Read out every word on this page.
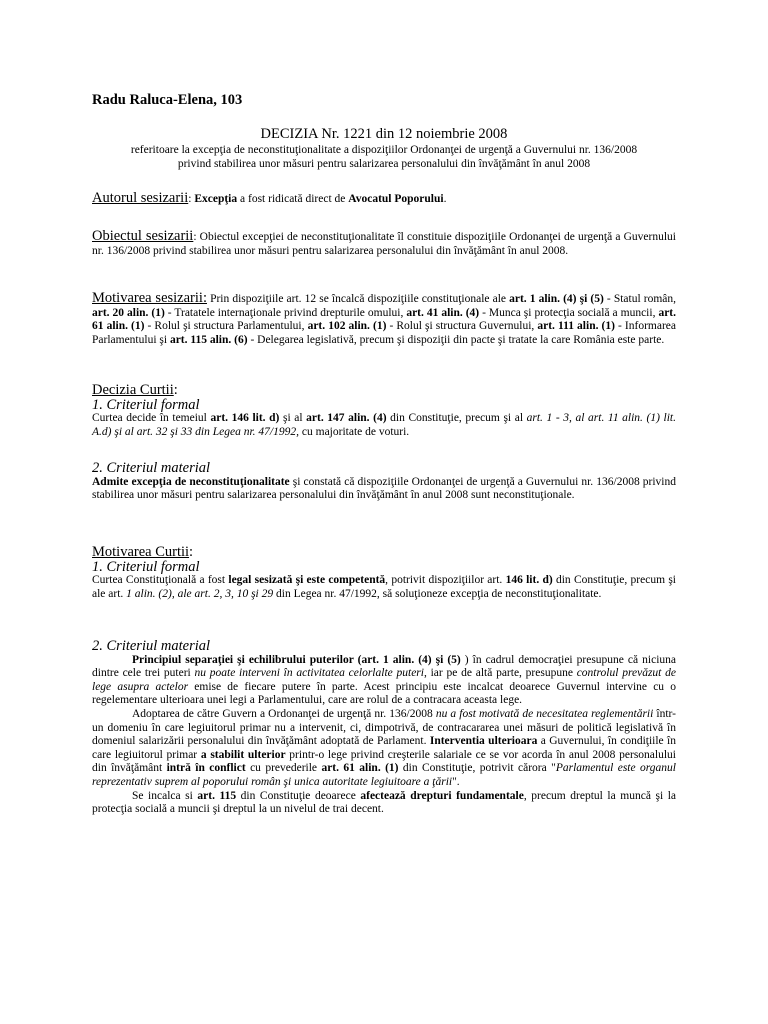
Radu Raluca-Elena, 103
DECIZIA Nr. 1221 din 12 noiembrie 2008
referitoare la excepţia de neconstituţionalitate a dispoziţiilor Ordonanţei de urgenţă a Guvernului nr. 136/2008
privind stabilirea unor măsuri pentru salarizarea personalului din învăţământ în anul 2008

Autorul sesizarii: Excepţia a fost ridicată direct de Avocatul Poporului.

Obiectul sesizarii: Obiectul excepţiei de neconstituţionalitate îl constituie dispoziţiile Ordonanţei de urgenţă a Guvernului nr. 136/2008 privind stabilirea unor măsuri pentru salarizarea personalului din învăţământ în anul 2008.

Motivarea sesizarii: Prin dispoziţiile art. 12 se încalcă dispoziţiile constituţionale ale art. 1 alin. (4) şi (5) - Statul român, art. 20 alin. (1) - Tratatele internaţionale privind drepturile omului, art. 41 alin. (4) - Munca şi protecţia socială a muncii, art. 61 alin. (1) - Rolul şi structura Parlamentului, art. 102 alin. (1) - Rolul şi structura Guvernului, art. 111 alin. (1) - Informarea Parlamentului şi art. 115 alin. (6) - Delegarea legislativă, precum şi dispoziţii din pacte şi tratate la care România este parte.

Decizia Curtii:

1. Criteriul formal

Curtea decide în temeiul art. 146 lit. d) şi al art. 147 alin. (4) din Constituţie, precum şi al art. 1 - 3, al art. 11 alin. (1) lit. A.d) şi al art. 32 şi 33 din Legea nr. 47/1992, cu majoritate de voturi.

2. Criteriul material

Admite excepţia de neconstituţionalitate şi constată că dispoziţiile Ordonanţei de urgenţă a Guvernului nr. 136/2008 privind stabilirea unor măsuri pentru salarizarea personalului din învăţământ în anul 2008 sunt neconstituţionale.

Motivarea Curtii:

1. Criteriul formal

Curtea Constituţională a fost legal sesizată şi este competentă, potrivit dispoziţiilor art. 146 lit. d) din Constituţie, precum şi ale art. 1 alin. (2), ale art. 2, 3, 10 şi 29 din Legea nr. 47/1992, să soluţioneze excepţia de neconstituţionalitate.

2. Criteriul material

Principiul separaţiei şi echilibrului puterilor (art. 1 alin. (4) şi (5) ) în cadrul democraţiei presupune că niciuna dintre cele trei puteri nu poate interveni în activitatea celorlalte puteri, iar pe de altă parte, presupune controlul prevăzut de lege asupra actelor emise de fiecare putere în parte. Acest principiu este incalcat deoarece Guvernul intervine cu o regelementare ulterioara unei legi a Parlamentului, care are rolul de a contracara aceasta lege.

Adoptarea de către Guvern a Ordonanţei de urgenţă nr. 136/2008 nu a fost motivată de necesitatea reglementării într-un domeniu în care legiuitorul primar nu a intervenit, ci, dimpotrivă, de contracararea unei măsuri de politică legislativă în domeniul salarizării personalului din învăţământ adoptată de Parlament. Interventia ulterioara a Guvernului, în condiţiile în care legiuitorul primar a stabilit ulterior printr-o lege privind creşterile salariale ce se vor acorda în anul 2008 personalului din învăţământ intră în conflict cu prevederile art. 61 alin. (1) din Constituţie, potrivit cărora "Parlamentul este organul reprezentativ suprem al poporului român şi unica autoritate legiuitoare a ţării".

Se incalca si art. 115 din Constituţie deoarece afectează drepturi fundamentale, precum dreptul la muncă şi la protecţia socială a muncii şi dreptul la un nivelul de trai decent.
